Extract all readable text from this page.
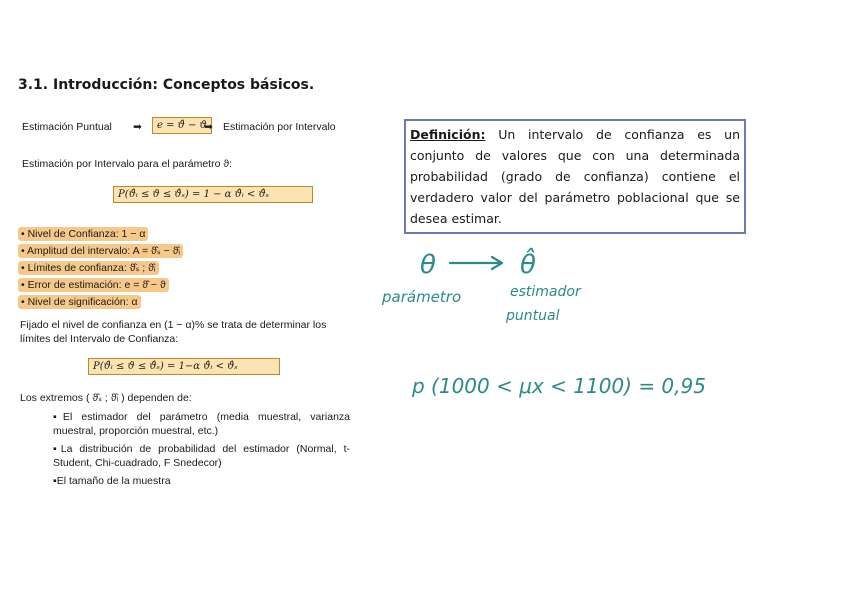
3.1. Introducción: Conceptos básicos.
Estimación Puntual ➡	e = ϑ̂ − ϑ
➡ Estimación por Intervalo
Estimación por Intervalo para el parámetro ϑ:
P(ϑ̂ᵢ ≤ ϑ ≤ ϑ̂ₛ) = 1 − α ϑ̂ᵢ < ϑ̂ₛ
• Nivel de Confianza: 1 − α
• Amplitud del intervalo: A = ϑ̂ₛ − ϑ̂ᵢ
• Límites de confianza: ϑ̂ₛ ; ϑ̂ᵢ
• Error de estimación: e = ϑ̂ − ϑ
• Nivel de significación: α
Fijado el nivel de confianza en (1 − α)% se trata de determinar los límites del Intervalo de Confianza:
P(ϑ̂ᵢ ≤ ϑ ≤ ϑ̂ₛ) = 1−α ϑ̂ᵢ < ϑ̂ₛ
Los extremos ( ϑ̂ₛ ; ϑ̂ᵢ ) dependen de:
▪El estimador del parámetro (media muestral, varianza muestral, proporción muestral, etc.)
▪La distribución de probabilidad del estimador (Normal, t-Student, Chi-cuadrado, F Snedecor)
▪El tamaño de la muestra
Definición: Un intervalo de confianza es un conjunto de valores que con una determinada probabilidad (grado de confianza) contiene el verdadero valor del parámetro poblacional que se desea estimar.
θ	θ̂
parámetro	estimador
puntual
p (1000 < μx < 1100) = 0,95
